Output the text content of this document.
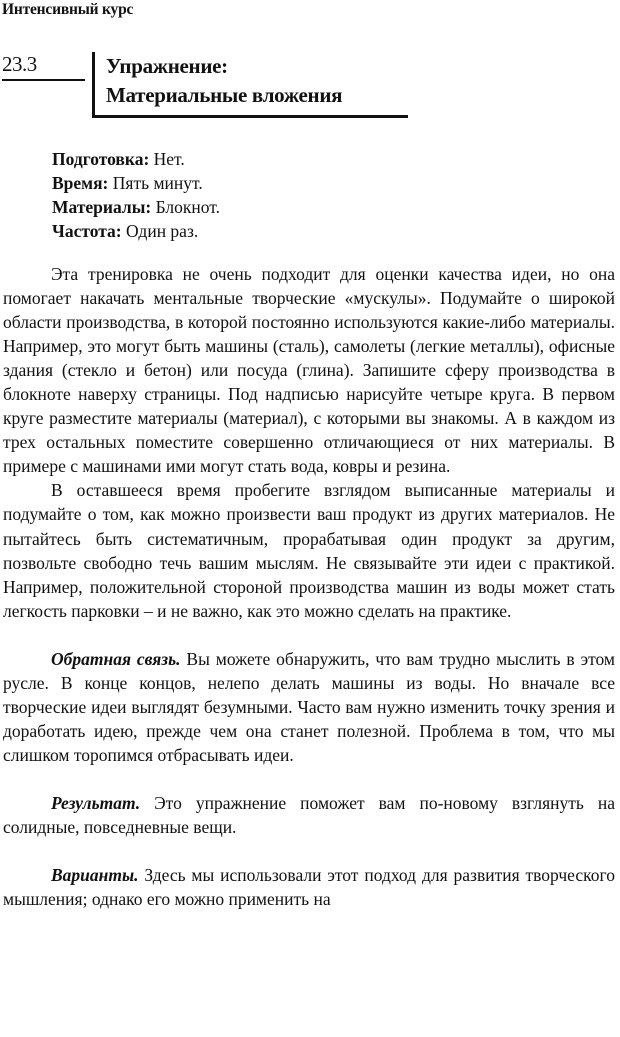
Интенсивный курс
23.3	Упражнение:
Материальные вложения
Подготовка: Нет.
Время: Пять минут.
Материалы: Блокнот.
Частота: Один раз.

Эта тренировка не очень подходит для оценки качества идеи, но она помогает накачать ментальные творческие «мускулы». Подумайте о широкой области производства, в которой постоянно используются какие-либо материалы. Например, это могут быть машины (сталь), самолеты (легкие металлы), офисные здания (стекло и бетон) или посуда (глина). Запишите сферу производства в блокноте наверху страницы. Под надписью нарисуйте четыре круга. В первом круге разместите материалы (материал), с которыми вы знакомы. А в каждом из трех остальных поместите совершенно отличающиеся от них материалы. В примере с машинами ими могут стать вода, ковры и резина.

В оставшееся время пробегите взглядом выписанные материалы и подумайте о том, как можно произвести ваш продукт из других материалов. Не пытайтесь быть систематичным, прорабатывая один продукт за другим, позвольте свободно течь вашим мыслям. Не связывайте эти идеи с практикой. Например, положительной стороной производства машин из воды может стать легкость парковки – и не важно, как это можно сделать на практике.

Обратная связь. Вы можете обнаружить, что вам трудно мыслить в этом русле. В конце концов, нелепо делать машины из воды. Но вначале все творческие идеи выглядят безумными. Часто вам нужно изменить точку зрения и доработать идею, прежде чем она станет полезной. Проблема в том, что мы слишком торопимся отбрасывать идеи.

Результат. Это упражнение поможет вам по-новому взглянуть на солидные, повседневные вещи.

Варианты. Здесь мы использовали этот подход для развития творческого мышления; однако его можно применить на
